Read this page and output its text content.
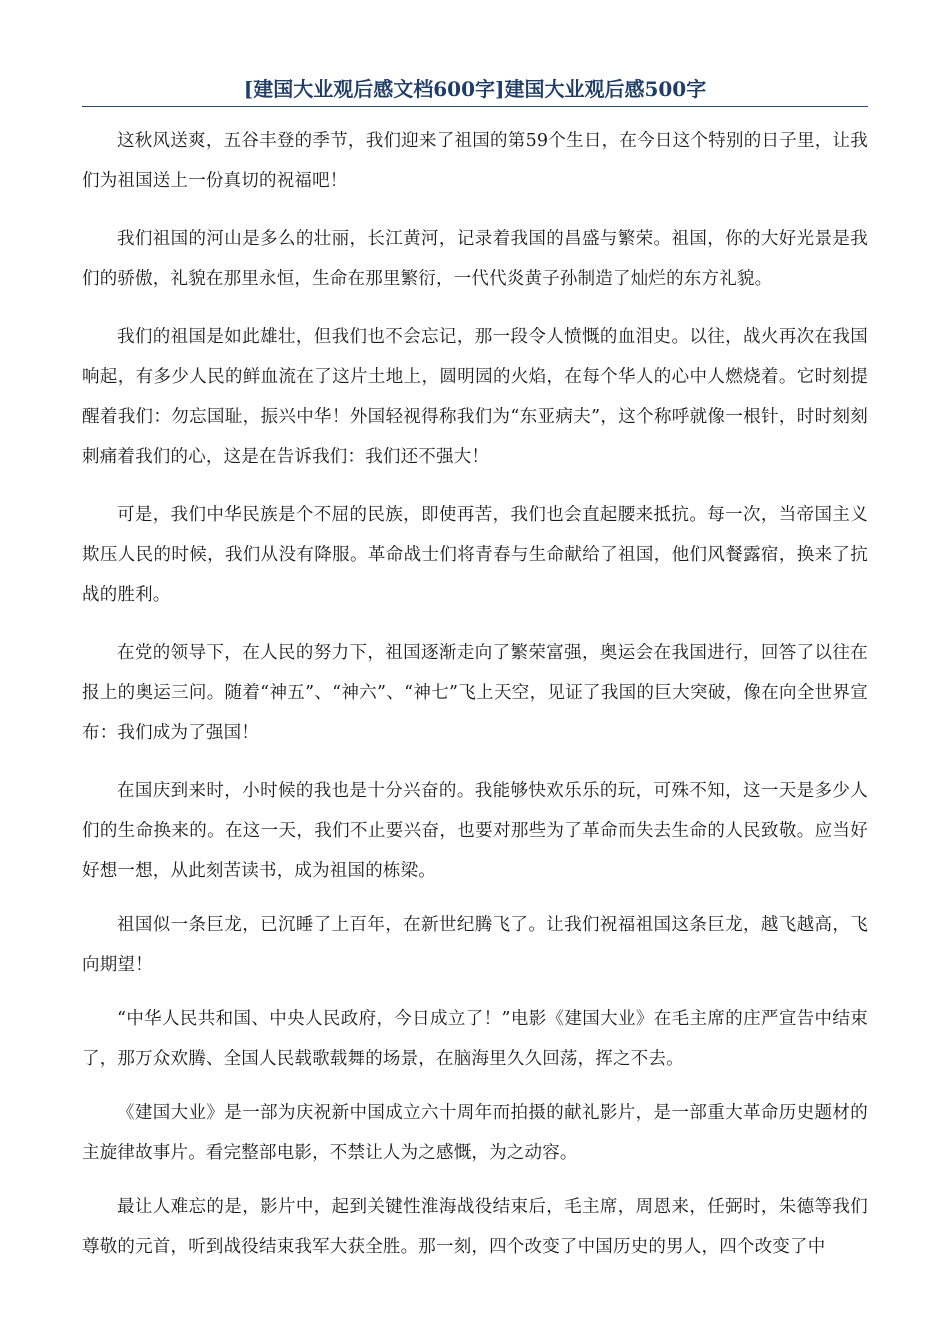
[建国大业观后感文档600字]建国大业观后感500字

这秋风送爽，五谷丰登的季节，我们迎来了祖国的第59个生日，在今日这个特别的日子里，让我们为祖国送上一份真切的祝福吧！

我们祖国的河山是多么的壮丽，长江黄河，记录着我国的昌盛与繁荣。祖国，你的大好光景是我们的骄傲，礼貌在那里永恒，生命在那里繁衍，一代代炎黄子孙制造了灿烂的东方礼貌。

我们的祖国是如此雄壮，但我们也不会忘记，那一段令人愤慨的血泪史。以往，战火再次在我国响起，有多少人民的鲜血流在了这片土地上，圆明园的火焰，在每个华人的心中人燃烧着。它时刻提醒着我们：勿忘国耻，振兴中华！外国轻视得称我们为“东亚病夫”，这个称呼就像一根针，时时刻刻刺痛着我们的心，这是在告诉我们：我们还不强大！

可是，我们中华民族是个不屈的民族，即使再苦，我们也会直起腰来抵抗。每一次，当帝国主义欺压人民的时候，我们从没有降服。革命战士们将青春与生命献给了祖国，他们风餐露宿，换来了抗战的胜利。

在党的领导下，在人民的努力下，祖国逐渐走向了繁荣富强，奥运会在我国进行，回答了以往在报上的奥运三问。随着“神五”、“神六”、“神七”飞上天空，见证了我国的巨大突破，像在向全世界宣布：我们成为了强国！

在国庆到来时，小时候的我也是十分兴奋的。我能够快欢乐乐的玩，可殊不知，这一天是多少人们的生命换来的。在这一天，我们不止要兴奋，也要对那些为了革命而失去生命的人民致敬。应当好好想一想，从此刻苦读书，成为祖国的栋梁。

祖国似一条巨龙，已沉睡了上百年，在新世纪腾飞了。让我们祝福祖国这条巨龙，越飞越高，飞向期望！

“中华人民共和国、中央人民政府，今日成立了！”电影《建国大业》在毛主席的庄严宣告中结束了，那万众欢腾、全国人民载歌载舞的场景，在脑海里久久回荡，挥之不去。

《建国大业》是一部为庆祝新中国成立六十周年而拍摄的献礼影片，是一部重大革命历史题材的主旋律故事片。看完整部电影，不禁让人为之感慨，为之动容。

最让人难忘的是，影片中，起到关键性淮海战役结束后，毛主席，周恩来，任弼时，朱德等我们尊敬的元首，听到战役结束我军大获全胜。那一刻，四个改变了中国历史的男人，四个改变了中
